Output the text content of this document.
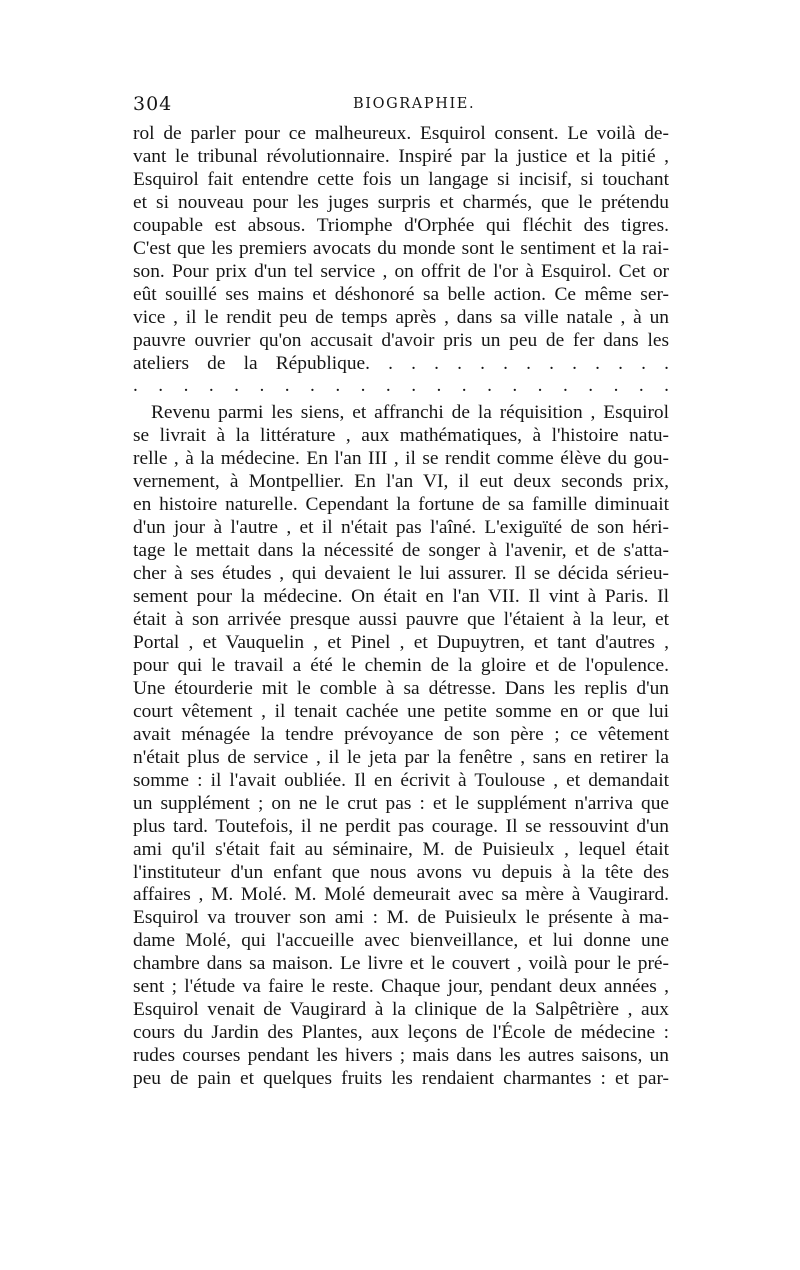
304	BIOGRAPHIE.
rol de parler pour ce malheureux. Esquirol consent. Le voilà de-
vant le tribunal révolutionnaire. Inspiré par la justice et la pitié ,
Esquirol fait entendre cette fois un langage si incisif, si touchant
et si nouveau pour les juges surpris et charmés, que le prétendu
coupable est absous. Triomphe d'Orphée qui fléchit des tigres.
C'est que les premiers avocats du monde sont le sentiment et la rai-
son. Pour prix d'un tel service , on offrit de l'or à Esquirol. Cet or
eût souillé ses mains et déshonoré sa belle action. Ce même ser-
vice , il le rendit peu de temps après , dans sa ville natale , à un
pauvre ouvrier qu'on accusait d'avoir pris un peu de fer dans les
ateliers de la République. . . . . . . . . . . . . .
. . . . . . . . . . . . . . . . . . . . . .
Revenu parmi les siens, et affranchi de la réquisition , Esquirol
se livrait à la littérature , aux mathématiques, à l'histoire natu-
relle , à la médecine. En l'an III , il se rendit comme élève du gou-
vernement, à Montpellier. En l'an VI, il eut deux seconds prix,
en histoire naturelle. Cependant la fortune de sa famille diminuait
d'un jour à l'autre , et il n'était pas l'aîné. L'exiguïté de son héri-
tage le mettait dans la nécessité de songer à l'avenir, et de s'atta-
cher à ses études , qui devaient le lui assurer. Il se décida sérieu-
sement pour la médecine. On était en l'an VII. Il vint à Paris. Il
était à son arrivée presque aussi pauvre que l'étaient à la leur, et
Portal , et Vauquelin , et Pinel , et Dupuytren, et tant d'autres ,
pour qui le travail a été le chemin de la gloire et de l'opulence.
Une étourderie mit le comble à sa détresse. Dans les replis d'un
court vêtement , il tenait cachée une petite somme en or que lui
avait ménagée la tendre prévoyance de son père ; ce vêtement
n'était plus de service , il le jeta par la fenêtre , sans en retirer la
somme : il l'avait oubliée. Il en écrivit à Toulouse , et demandait
un supplément ; on ne le crut pas : et le supplément n'arriva que
plus tard. Toutefois, il ne perdit pas courage. Il se ressouvint d'un
ami qu'il s'était fait au séminaire, M. de Puisieulx , lequel était
l'instituteur d'un enfant que nous avons vu depuis à la tête des
affaires , M. Molé. M. Molé demeurait avec sa mère à Vaugirard.
Esquirol va trouver son ami : M. de Puisieulx le présente à ma-
dame Molé, qui l'accueille avec bienveillance, et lui donne une
chambre dans sa maison. Le livre et le couvert , voilà pour le pré-
sent ; l'étude va faire le reste. Chaque jour, pendant deux années ,
Esquirol venait de Vaugirard à la clinique de la Salpêtrière , aux
cours du Jardin des Plantes, aux leçons de l'École de médecine :
rudes courses pendant les hivers ; mais dans les autres saisons, un
peu de pain et quelques fruits les rendaient charmantes : et par-
